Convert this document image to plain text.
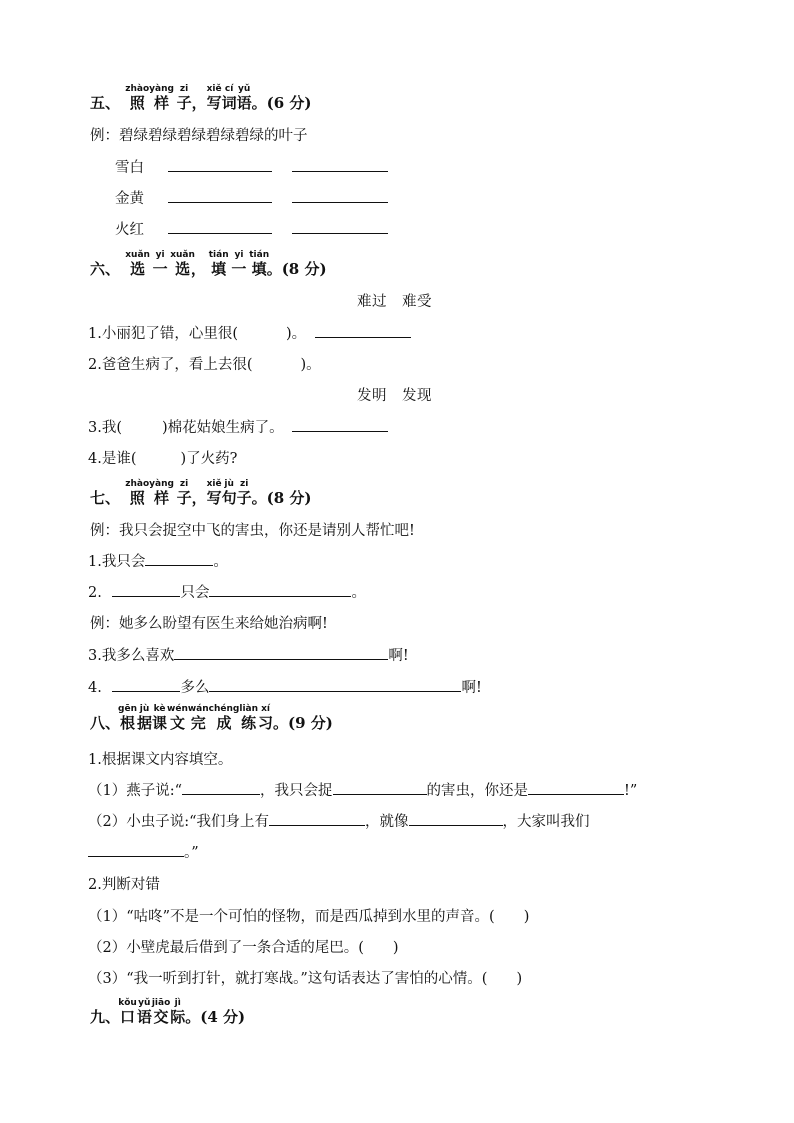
五、 照zhào 样yàng 子zi，写xiě词cí语yǔ。(6 分)
例：碧绿碧绿碧绿碧绿碧绿的叶子
雪白
金黄
火红
六、 选xuǎn 一yi 选xuǎn， 填tián 一yi 填tián。(8 分)
难过　难受
1.小丽犯了错，心里很(	)。
2.爸爸生病了，看上去很(	)。
发明　发现
3.我(	)棉花姑娘生病了。
4.是谁(	)了火药?
七、 照zhào 样yàng 子zi，写xiě句jù子zi。(8 分)
例：我只会捉空中飞的害虫，你还是请别人帮忙吧!
1.我只会	。
2.	只会	。
例：她多么盼望有医生来给她治病啊!
3.我多么喜欢	啊!
4.	多么	啊!
八、根gēn据jù课kè文wén完wán成chéng练liàn习xí。(9 分)
1.根据课文内容填空。
（1）燕子说:“	，我只会捉	的害虫，你还是	!”
（2）小虫子说:“我们身上有	，就像	，大家叫我们
。”
2.判断对错
（1）“咕咚”不是一个可怕的怪物，而是西瓜掉到水里的声音。(　　)
（2）小壁虎最后借到了一条合适的尾巴。(　　)
（3）“我一听到打针，就打寒战。”这句话表达了害怕的心情。(　　)
九、口kǒu语yǔ交jiāo际jì。(4 分)
